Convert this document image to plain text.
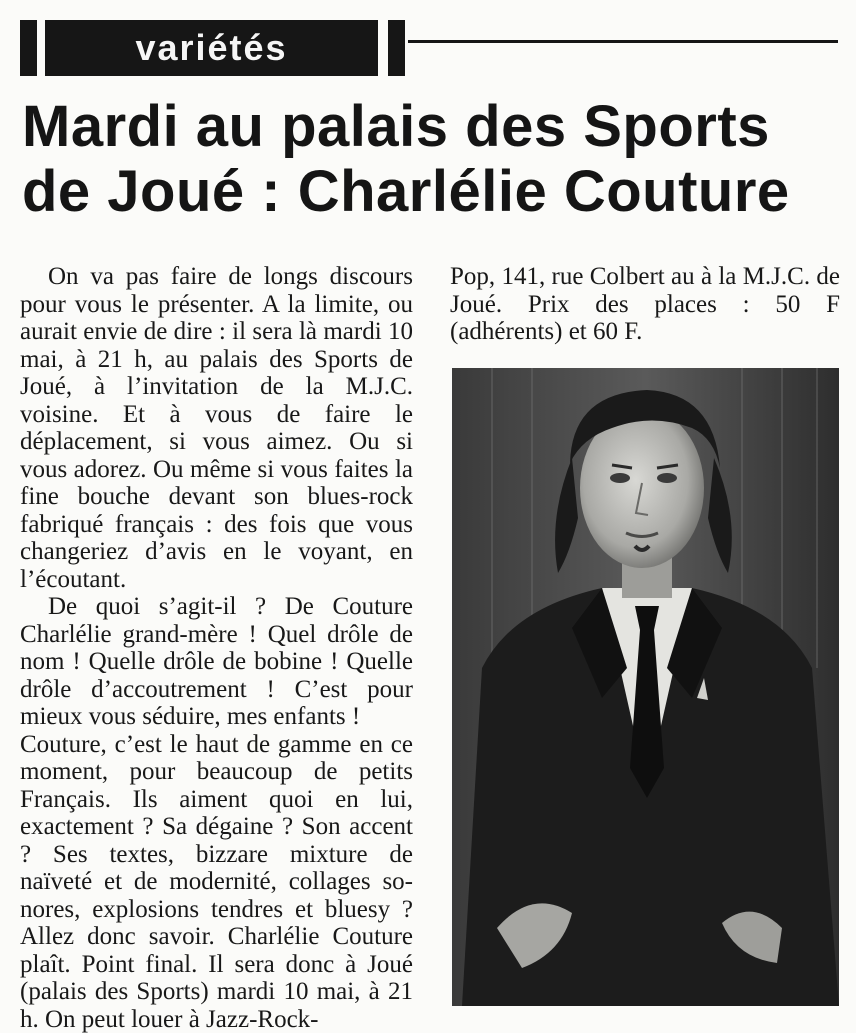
variétés
Mardi au palais des Sports
de Joué : Charlélie Couture

On va pas faire de longs discours pour vous le présenter. A la limite, ou aurait envie de dire : il sera là mardi 10 mai, à 21 h, au palais des Sports de Joué, à l’invitation de la M.J.C. voisine. Et à vous de faire le déplacement, si vous aimez. Ou si vous adorez. Ou même si vous faites la fine bouche devant son blues-rock fabriqué français : des fois que vous changeriez d’avis en le voyant, en l’écoutant.

De quoi s’agit-il ? De Couture Charlélie grand-mère ! Quel drôle de nom ! Quelle drôle de bobine ! Quelle drôle d’accoutrement ! C’est pour mieux vous séduire, mes enfants !

Couture, c’est le haut de gamme en ce moment, pour beaucoup de petits Français. Ils aiment quoi en lui, exactement ? Sa dégaine ? Son accent ? Ses textes, bizzare mixture de naïveté et de modernité, collages sonores, explosions tendres et bluesy ? Allez donc savoir. Charlélie Couture plaît. Point final. Il sera donc à Joué (palais des Sports) mardi 10 mai, à 21 h. On peut louer à Jazz-Rock-

Pop, 141, rue Colbert au à la M.J.C. de Joué. Prix des places : 50 F (adhérents) et 60 F.
